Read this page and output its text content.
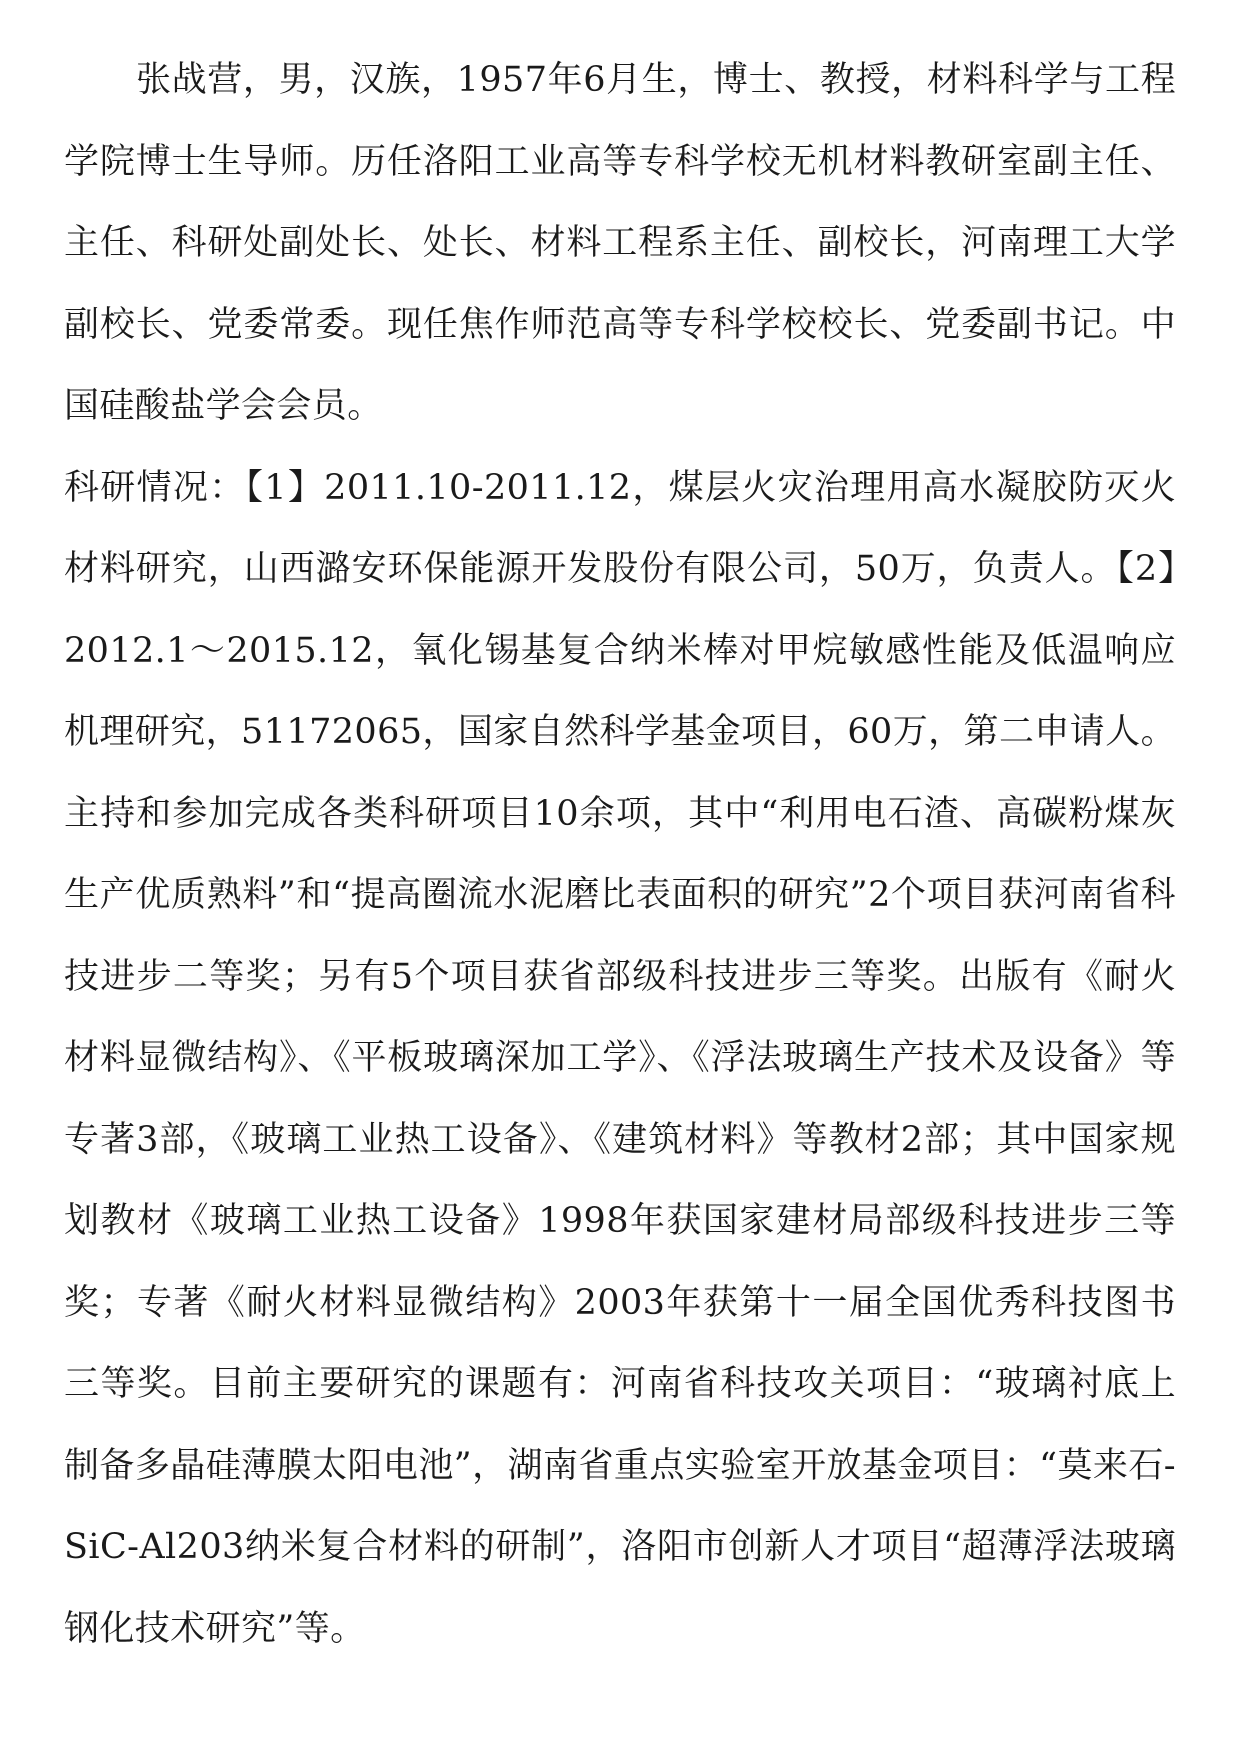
张战营，男，汉族，1957年6月生，博士、教授，材料科学与工程学院博士生导师。历任洛阳工业高等专科学校无机材料教研室副主任、主任、科研处副处长、处长、材料工程系主任、副校长，河南理工大学副校长、党委常委。现任焦作师范高等专科学校校长、党委副书记。中国硅酸盐学会会员。

科研情况：【1】2011.10-2011.12，煤层火灾治理用高水凝胶防灭火材料研究，山西潞安环保能源开发股份有限公司，50万，负责人。【2】2012.1～2015.12，氧化锡基复合纳米棒对甲烷敏感性能及低温响应机理研究，51172065，国家自然科学基金项目，60万，第二申请人。主持和参加完成各类科研项目10余项，其中“利用电石渣、高碳粉煤灰生产优质熟料”和“提高圈流水泥磨比表面积的研究”2个项目获河南省科技进步二等奖；另有5个项目获省部级科技进步三等奖。出版有《耐火材料显微结构》、《平板玻璃深加工学》、《浮法玻璃生产技术及设备》等专著3部，《玻璃工业热工设备》、《建筑材料》等教材2部；其中国家规划教材《玻璃工业热工设备》1998年获国家建材局部级科技进步三等奖；专著《耐火材料显微结构》2003年获第十一届全国优秀科技图书三等奖。目前主要研究的课题有：河南省科技攻关项目：“玻璃衬底上制备多晶硅薄膜太阳电池”，湖南省重点实验室开放基金项目：“莫来石-SiC-Al203纳米复合材料的研制”，洛阳市创新人才项目“超薄浮法玻璃钢化技术研究”等。
